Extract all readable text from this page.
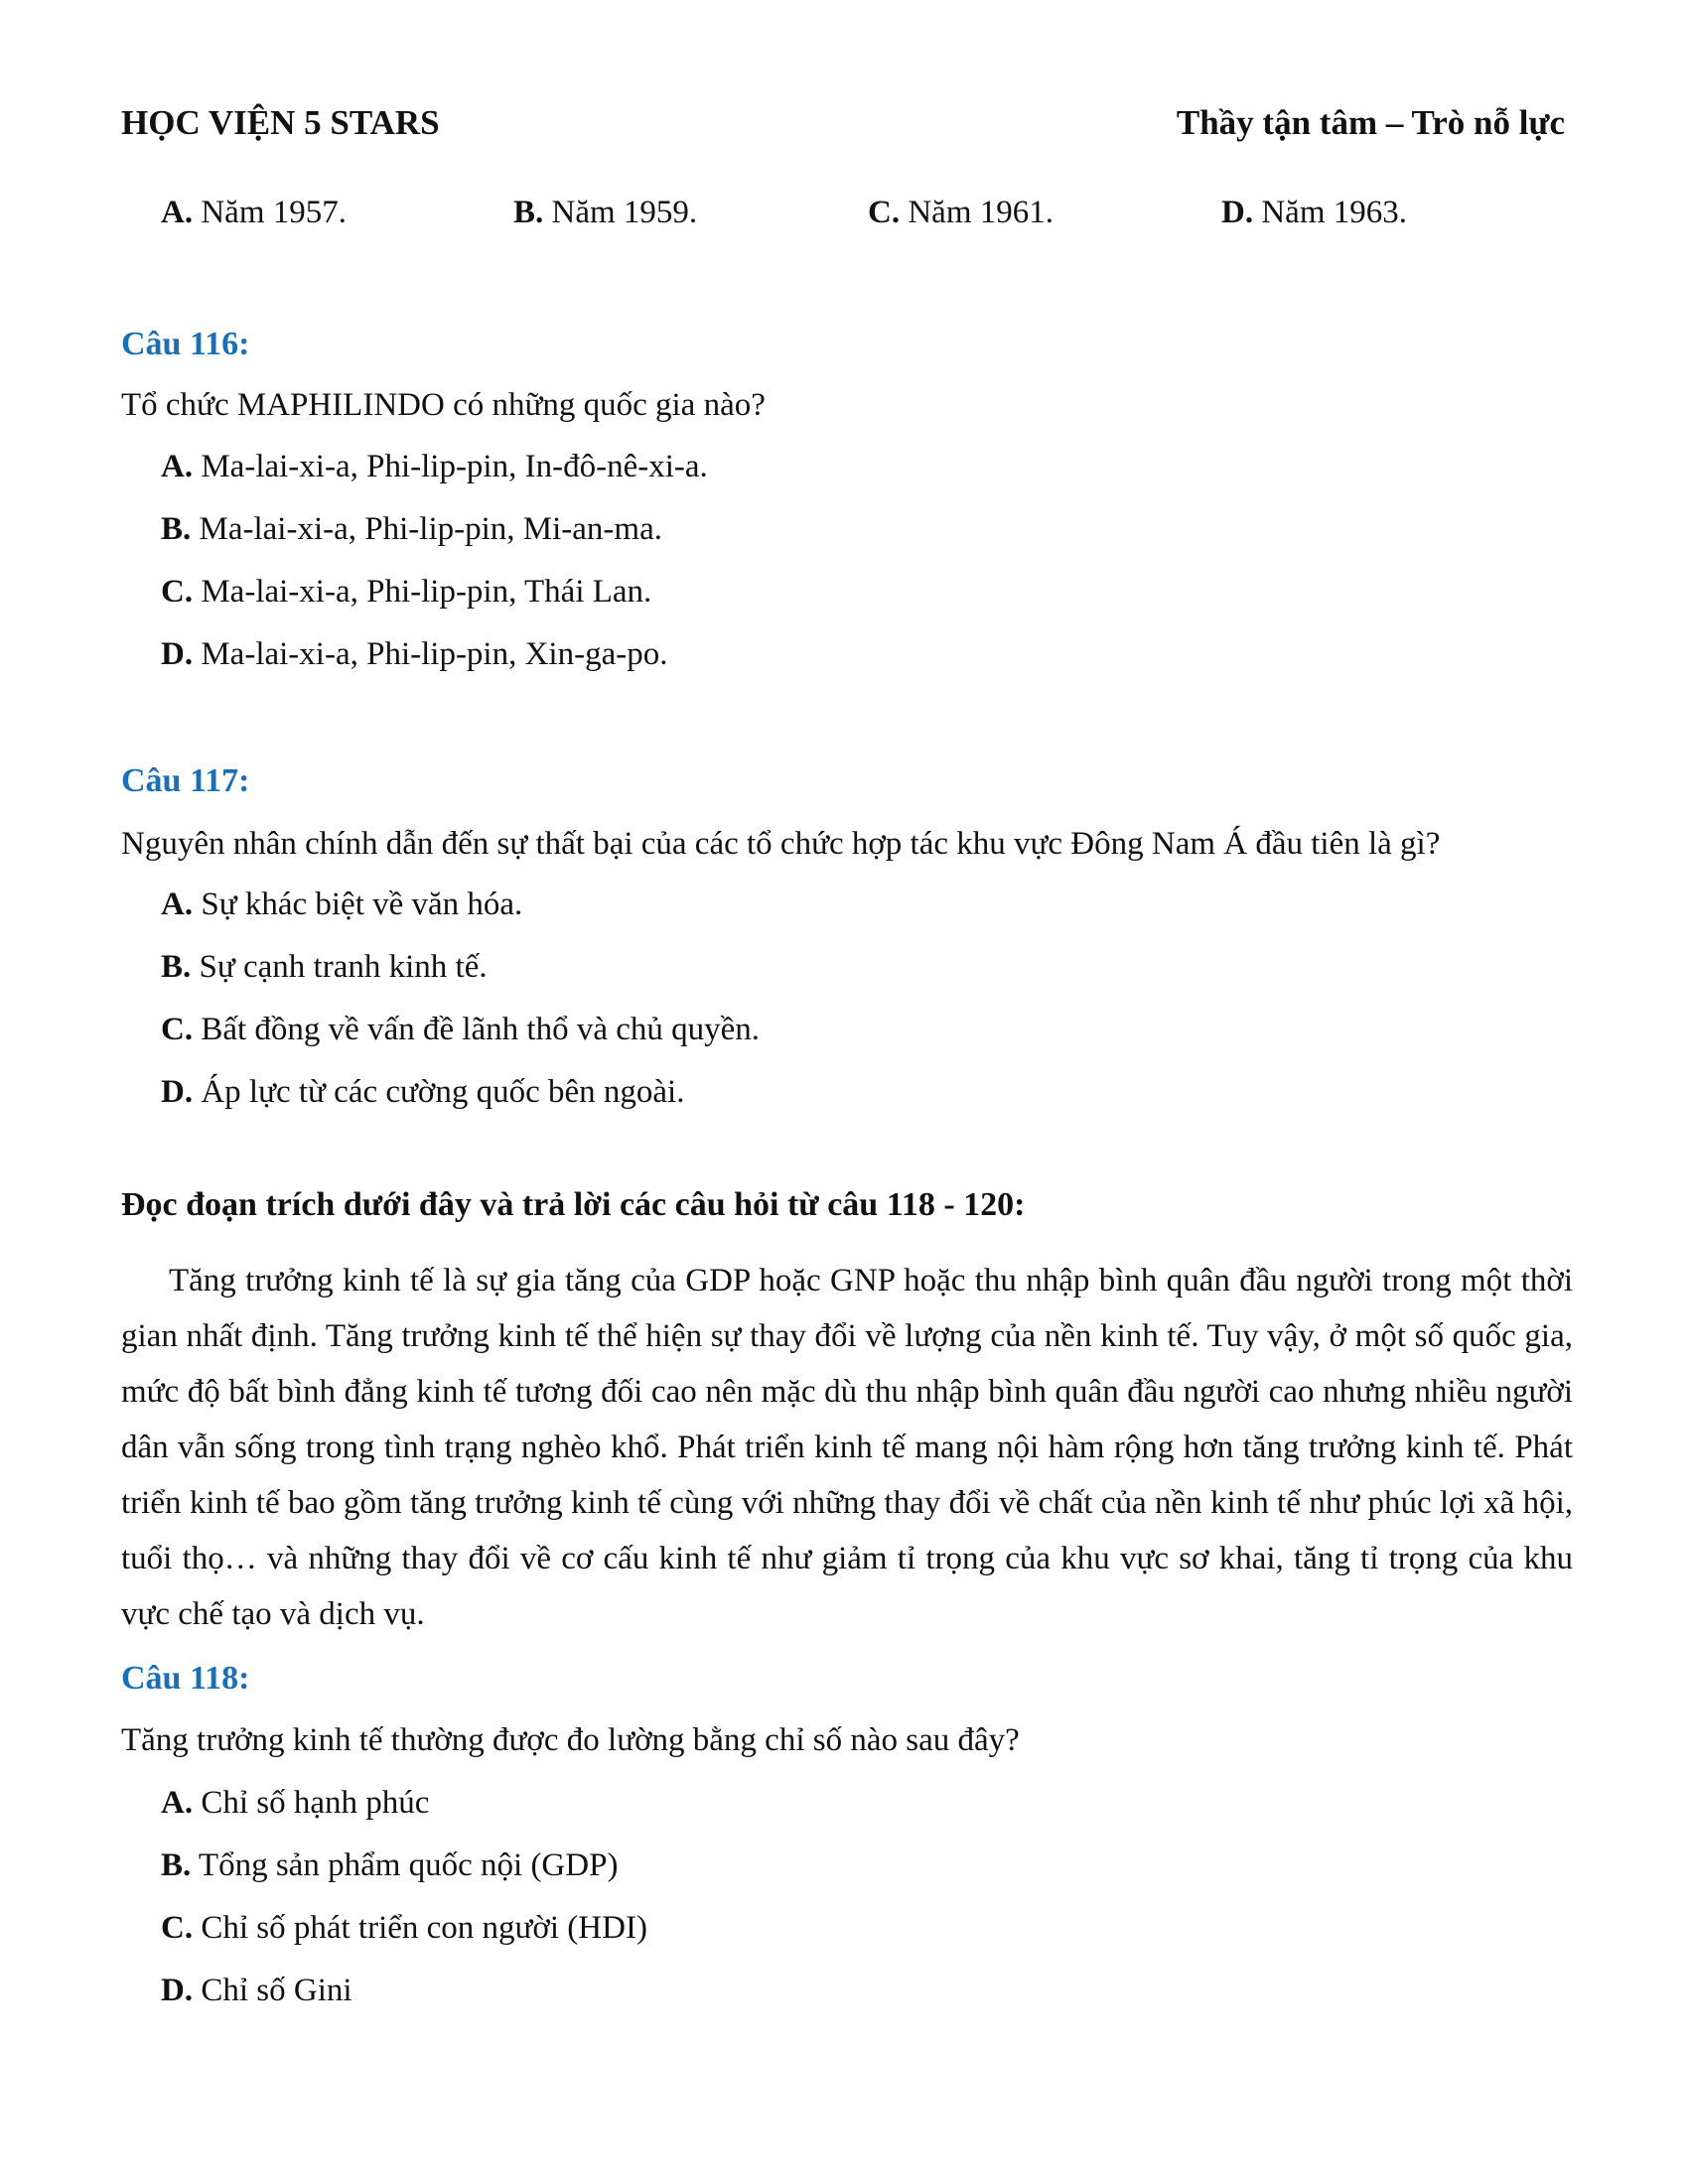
HỌC VIỆN 5 STARS	Thầy tận tâm – Trò nỗ lực
A. Năm 1957.	B. Năm 1959.	C. Năm 1961.	D. Năm 1963.
Câu 116:
Tổ chức MAPHILINDO có những quốc gia nào?
A. Ma-lai-xi-a, Phi-lip-pin, In-đô-nê-xi-a.
B. Ma-lai-xi-a, Phi-lip-pin, Mi-an-ma.
C. Ma-lai-xi-a, Phi-lip-pin, Thái Lan.
D. Ma-lai-xi-a, Phi-lip-pin, Xin-ga-po.
Câu 117:
Nguyên nhân chính dẫn đến sự thất bại của các tổ chức hợp tác khu vực Đông Nam Á đầu tiên là gì?
A. Sự khác biệt về văn hóa.
B. Sự cạnh tranh kinh tế.
C. Bất đồng về vấn đề lãnh thổ và chủ quyền.
D. Áp lực từ các cường quốc bên ngoài.
Đọc đoạn trích dưới đây và trả lời các câu hỏi từ câu 118 - 120:

Tăng trưởng kinh tế là sự gia tăng của GDP hoặc GNP hoặc thu nhập bình quân đầu người trong một thời gian nhất định. Tăng trưởng kinh tế thể hiện sự thay đổi về lượng của nền kinh tế. Tuy vậy, ở một số quốc gia, mức độ bất bình đẳng kinh tế tương đối cao nên mặc dù thu nhập bình quân đầu người cao nhưng nhiều người dân vẫn sống trong tình trạng nghèo khổ. Phát triển kinh tế mang nội hàm rộng hơn tăng trưởng kinh tế. Phát triển kinh tế bao gồm tăng trưởng kinh tế cùng với những thay đổi về chất của nền kinh tế như phúc lợi xã hội, tuổi thọ… và những thay đổi về cơ cấu kinh tế như giảm tỉ trọng của khu vực sơ khai, tăng tỉ trọng của khu vực chế tạo và dịch vụ.

Câu 118:
Tăng trưởng kinh tế thường được đo lường bằng chỉ số nào sau đây?
A. Chỉ số hạnh phúc
B. Tổng sản phẩm quốc nội (GDP)
C. Chỉ số phát triển con người (HDI)
D. Chỉ số Gini
